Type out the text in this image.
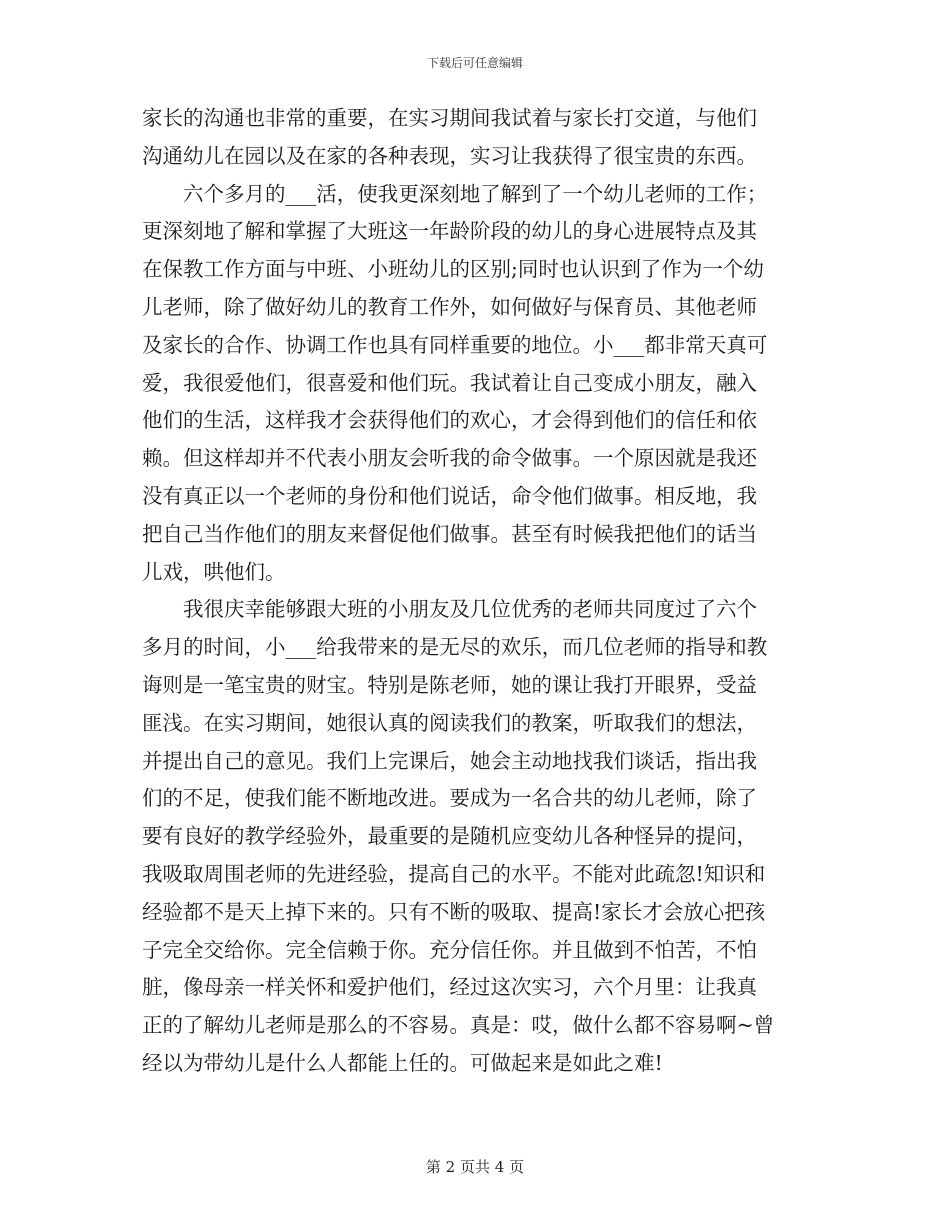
下载后可任意编辑
家长的沟通也非常的重要，在实习期间我试着与家长打交道，与他们
沟通幼儿在园以及在家的各种表现，实习让我获得了很宝贵的东西。
六个多月的___活，使我更深刻地了解到了一个幼儿老师的工作；
更深刻地了解和掌握了大班这一年龄阶段的幼儿的身心进展特点及其
在保教工作方面与中班、小班幼儿的区别;同时也认识到了作为一个幼
儿老师，除了做好幼儿的教育工作外，如何做好与保育员、其他老师
及家长的合作、协调工作也具有同样重要的地位。小___都非常天真可
爱，我很爱他们，很喜爱和他们玩。我试着让自己变成小朋友，融入
他们的生活，这样我才会获得他们的欢心，才会得到他们的信任和依
赖。但这样却并不代表小朋友会听我的命令做事。一个原因就是我还
没有真正以一个老师的身份和他们说话，命令他们做事。相反地，我
把自己当作他们的朋友来督促他们做事。甚至有时候我把他们的话当
儿戏，哄他们。
我很庆幸能够跟大班的小朋友及几位优秀的老师共同度过了六个
多月的时间，小___给我带来的是无尽的欢乐，而几位老师的指导和教
诲则是一笔宝贵的财宝。特别是陈老师，她的课让我打开眼界，受益
匪浅。在实习期间，她很认真的阅读我们的教案，听取我们的想法，
并提出自己的意见。我们上完课后，她会主动地找我们谈话，指出我
们的不足，使我们能不断地改进。要成为一名合共的幼儿老师，除了
要有良好的教学经验外，最重要的是随机应变幼儿各种怪异的提问，
我吸取周围老师的先进经验，提高自己的水平。不能对此疏忽!知识和
经验都不是天上掉下来的。只有不断的吸取、提高!家长才会放心把孩
子完全交给你。完全信赖于你。充分信任你。并且做到不怕苦，不怕
脏，像母亲一样关怀和爱护他们，经过这次实习，六个月里：让我真
正的了解幼儿老师是那么的不容易。真是：哎，做什么都不容易啊~曾
经以为带幼儿是什么人都能上任的。可做起来是如此之难!
第 2 页共 4 页
